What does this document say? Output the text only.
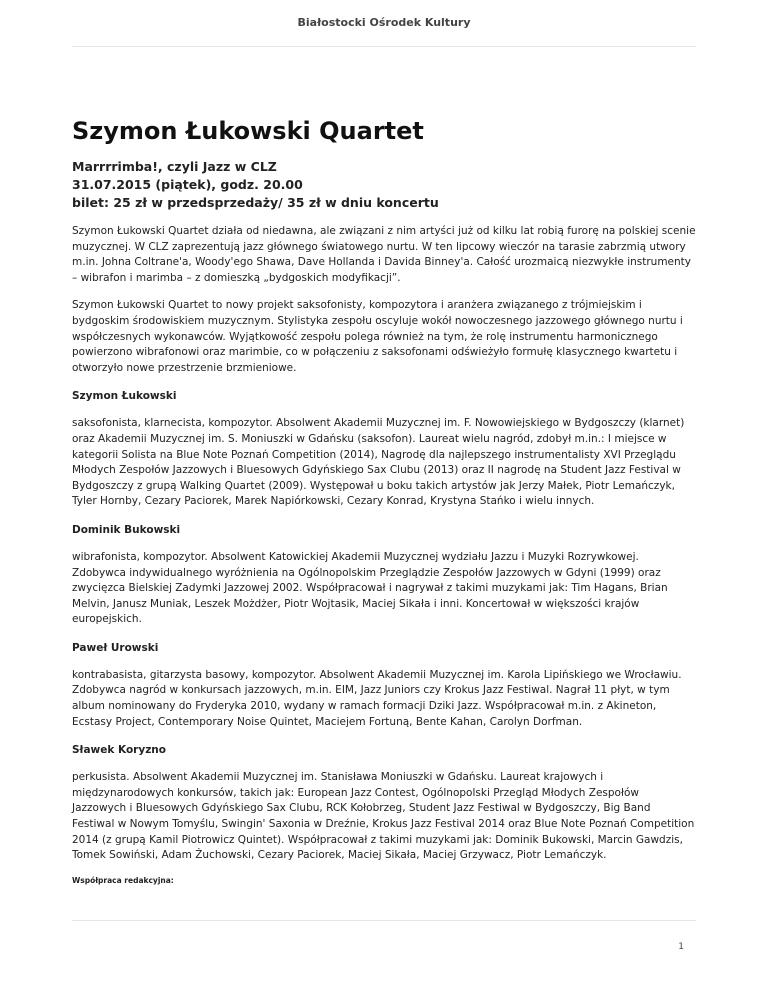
Białostocki Ośrodek Kultury
Szymon Łukowski Quartet
Marrrrimba!, czyli Jazz w CLZ
31.07.2015 (piątek), godz. 20.00
bilet: 25 zł w przedsprzedaży/ 35 zł w dniu koncertu

Szymon Łukowski Quartet działa od niedawna, ale związani z nim artyści już od kilku lat robią furorę na polskiej scenie muzycznej. W CLZ zaprezentują jazz głównego światowego nurtu. W ten lipcowy wieczór na tarasie zabrzmią utwory m.in. Johna Coltrane'a, Woody'ego Shawa, Dave Hollanda i Davida Binney'a. Całość urozmaicą niezwykłe instrumenty – wibrafon i marimba – z domieszką „bydgoskich modyfikacji”.

Szymon Łukowski Quartet to nowy projekt saksofonisty, kompozytora i aranżera związanego z trójmiejskim i bydgoskim środowiskiem muzycznym. Stylistyka zespołu oscyluje wokół nowoczesnego jazzowego głównego nurtu i współczesnych wykonawców. Wyjątkowość zespołu polega również na tym, że rolę instrumentu harmonicznego powierzono wibrafonowi oraz marimbie, co w połączeniu z saksofonami odświeżyło formułę klasycznego kwartetu i otworzyło nowe przestrzenie brzmieniowe.

Szymon Łukowski

saksofonista, klarnecista, kompozytor. Absolwent Akademii Muzycznej im. F. Nowowiejskiego w Bydgoszczy (klarnet) oraz Akademii Muzycznej im. S. Moniuszki w Gdańsku (saksofon). Laureat wielu nagród, zdobył m.in.: I miejsce w kategorii Solista na Blue Note Poznań Competition (2014), Nagrodę dla najlepszego instrumentalisty XVI Przeglądu Młodych Zespołów Jazzowych i Bluesowych Gdyńskiego Sax Clubu (2013) oraz II nagrodę na Student Jazz Festival w Bydgoszczy z grupą Walking Quartet (2009). Występował u boku takich artystów jak Jerzy Małek, Piotr Lemańczyk, Tyler Hornby, Cezary Paciorek, Marek Napiórkowski, Cezary Konrad, Krystyna Stańko i wielu innych.

Dominik Bukowski

wibrafonista, kompozytor. Absolwent Katowickiej Akademii Muzycznej wydziału Jazzu i Muzyki Rozrywkowej. Zdobywca indywidualnego wyróżnienia na Ogólnopolskim Przeglądzie Zespołów Jazzowych w Gdyni (1999) oraz zwycięzca Bielskiej Zadymki Jazzowej 2002. Współpracował i nagrywał z takimi muzykami jak: Tim Hagans, Brian Melvin, Janusz Muniak, Leszek Możdżer, Piotr Wojtasik, Maciej Sikała i inni. Koncertował w większości krajów europejskich.

Paweł Urowski

kontrabasista, gitarzysta basowy, kompozytor. Absolwent Akademii Muzycznej im. Karola Lipińskiego we Wrocławiu. Zdobywca nagród w konkursach jazzowych, m.in. EIM, Jazz Juniors czy Krokus Jazz Festiwal. Nagrał 11 płyt, w tym album nominowany do Fryderyka 2010, wydany w ramach formacji Dziki Jazz. Współpracował m.in. z Akineton, Ecstasy Project, Contemporary Noise Quintet, Maciejem Fortuną, Bente Kahan, Carolyn Dorfman.

Sławek Koryzno

perkusista. Absolwent Akademii Muzycznej im. Stanisława Moniuszki w Gdańsku. Laureat krajowych i międzynarodowych konkursów, takich jak: European Jazz Contest, Ogólnopolski Przegląd Młodych Zespołów Jazzowych i Bluesowych Gdyńskiego Sax Clubu, RCK Kołobrzeg, Student Jazz Festiwal w Bydgoszczy, Big Band Festiwal w Nowym Tomyślu, Swingin' Saxonia w Dreźnie, Krokus Jazz Festival 2014 oraz Blue Note Poznań Competition 2014 (z grupą Kamil Piotrowicz Quintet). Współpracował z takimi muzykami jak: Dominik Bukowski, Marcin Gawdzis, Tomek Sowiński, Adam Żuchowski, Cezary Paciorek, Maciej Sikała, Maciej Grzywacz, Piotr Lemańczyk.

Współpraca redakcyjna:
1
